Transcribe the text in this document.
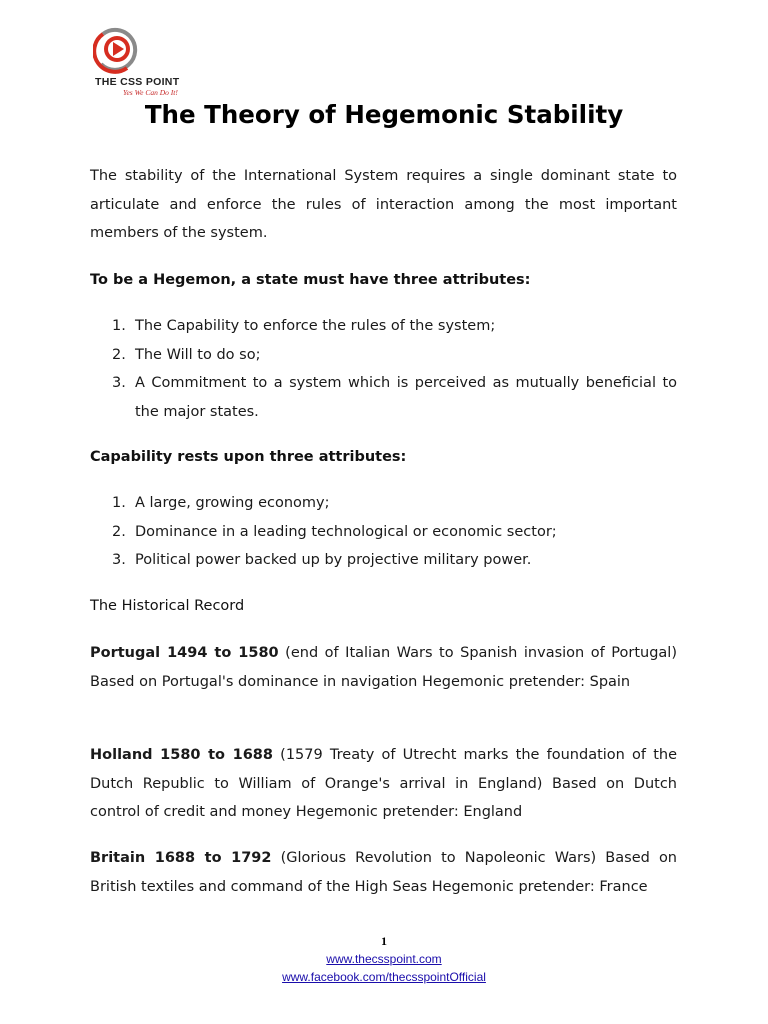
THE CSS POINT
Yes We Can Do It!
The Theory of Hegemonic Stability

The stability of the International System requires a single dominant state to articulate and enforce the rules of interaction among the most important members of the system.

To be a Hegemon, a state must have three attributes:
1. The Capability to enforce the rules of the system;
2. The Will to do so;
3. A Commitment to a system which is perceived as mutually beneficial to the major states.
Capability rests upon three attributes:
1. A large, growing economy;
2. Dominance in a leading technological or economic sector;
3. Political power backed up by projective military power.
The Historical Record

Portugal 1494 to 1580 (end of Italian Wars to Spanish invasion of Portugal) Based on Portugal's dominance in navigation Hegemonic pretender: Spain

Holland 1580 to 1688 (1579 Treaty of Utrecht marks the foundation of the Dutch Republic to William of Orange's arrival in England) Based on Dutch control of credit and money Hegemonic pretender: England

Britain 1688 to 1792 (Glorious Revolution to Napoleonic Wars) Based on British textiles and command of the High Seas Hegemonic pretender: France

1
www.thecsspoint.com
www.facebook.com/thecsspointOfficial
